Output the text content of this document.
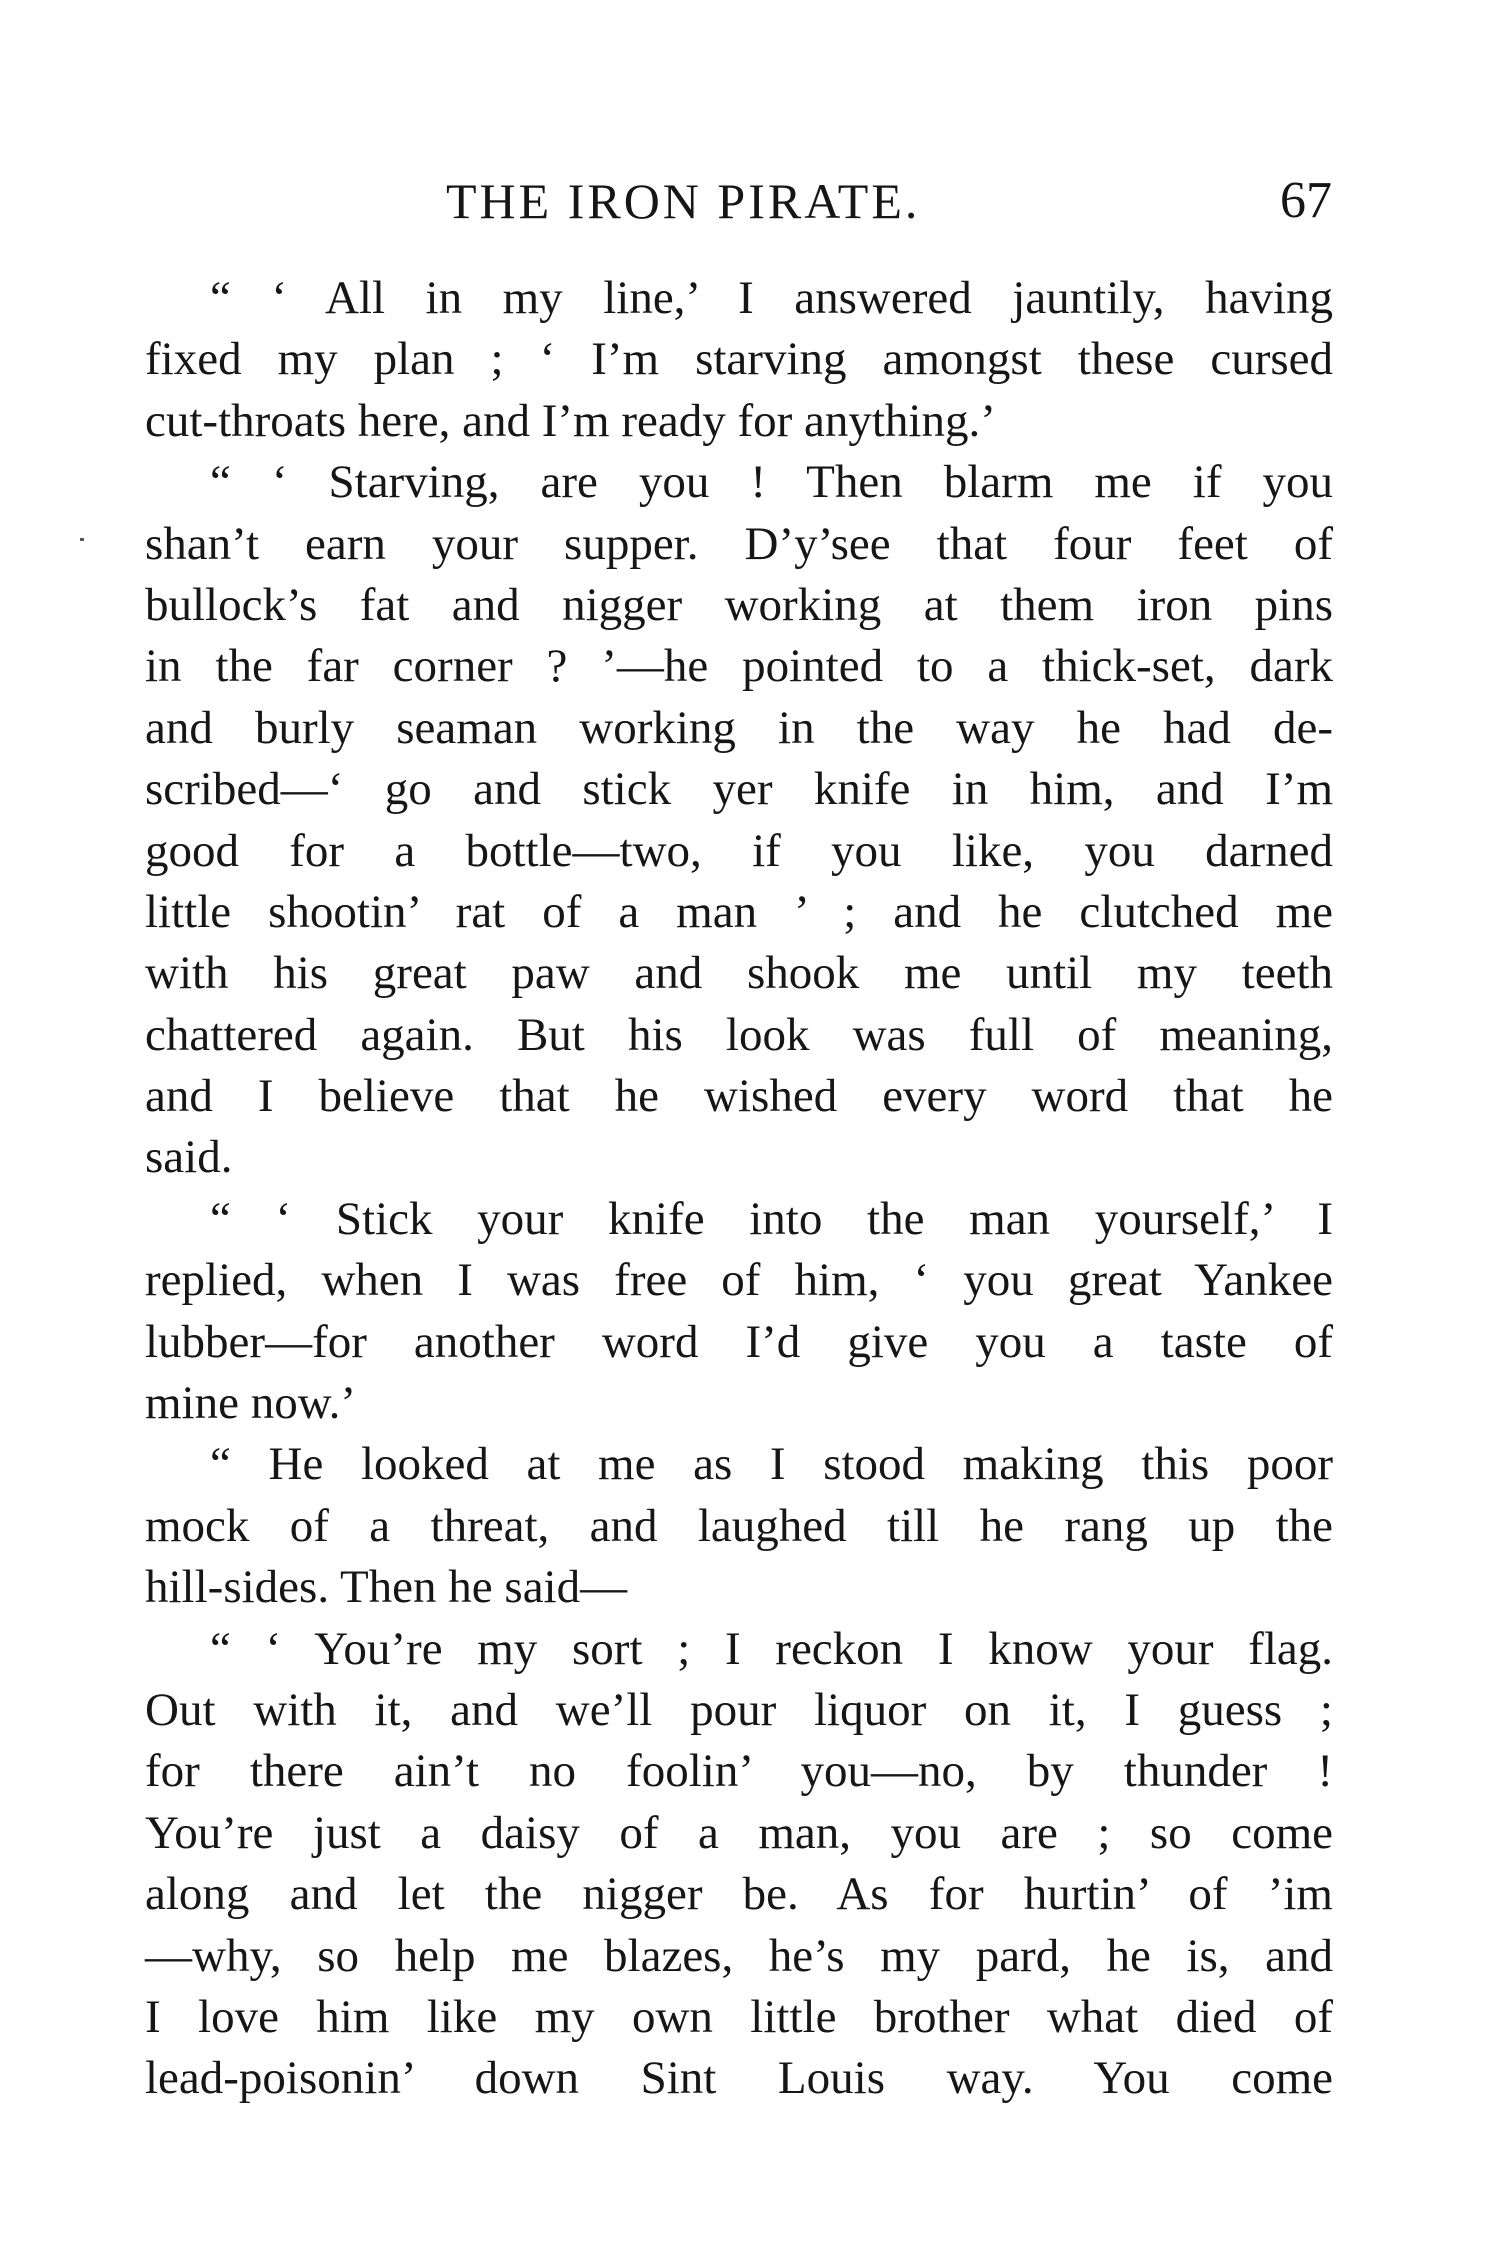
THE IRON PIRATE.	67
“ ‘ All in my line,’ I answered jauntily, having
fixed my plan ; ‘ I’m starving amongst these cursed
cut-throats here, and I’m ready for anything.’
“ ‘ Starving, are you ! Then blarm me if you
shan’t earn your supper. D’y’see that four feet of
bullock’s fat and nigger working at them iron pins
in the far corner ? ’—he pointed to a thick-set, dark
and burly seaman working in the way he had de-
scribed—‘ go and stick yer knife in him, and I’m
good for a bottle—two, if you like, you darned
little shootin’ rat of a man ’ ; and he clutched me
with his great paw and shook me until my teeth
chattered again. But his look was full of meaning,
and I believe that he wished every word that he
said.
“ ‘ Stick your knife into the man yourself,’ I
replied, when I was free of him, ‘ you great Yankee
lubber—for another word I’d give you a taste of
mine now.’
“ He looked at me as I stood making this poor
mock of a threat, and laughed till he rang up the
hill-sides. Then he said—
“ ‘ You’re my sort ; I reckon I know your flag.
Out with it, and we’ll pour liquor on it, I guess ;
for there ain’t no foolin’ you—no, by thunder !
You’re just a daisy of a man, you are ; so come
along and let the nigger be. As for hurtin’ of ’im
—why, so help me blazes, he’s my pard, he is, and
I love him like my own little brother what died of
lead-poisonin’ down Sint Louis way. You come
